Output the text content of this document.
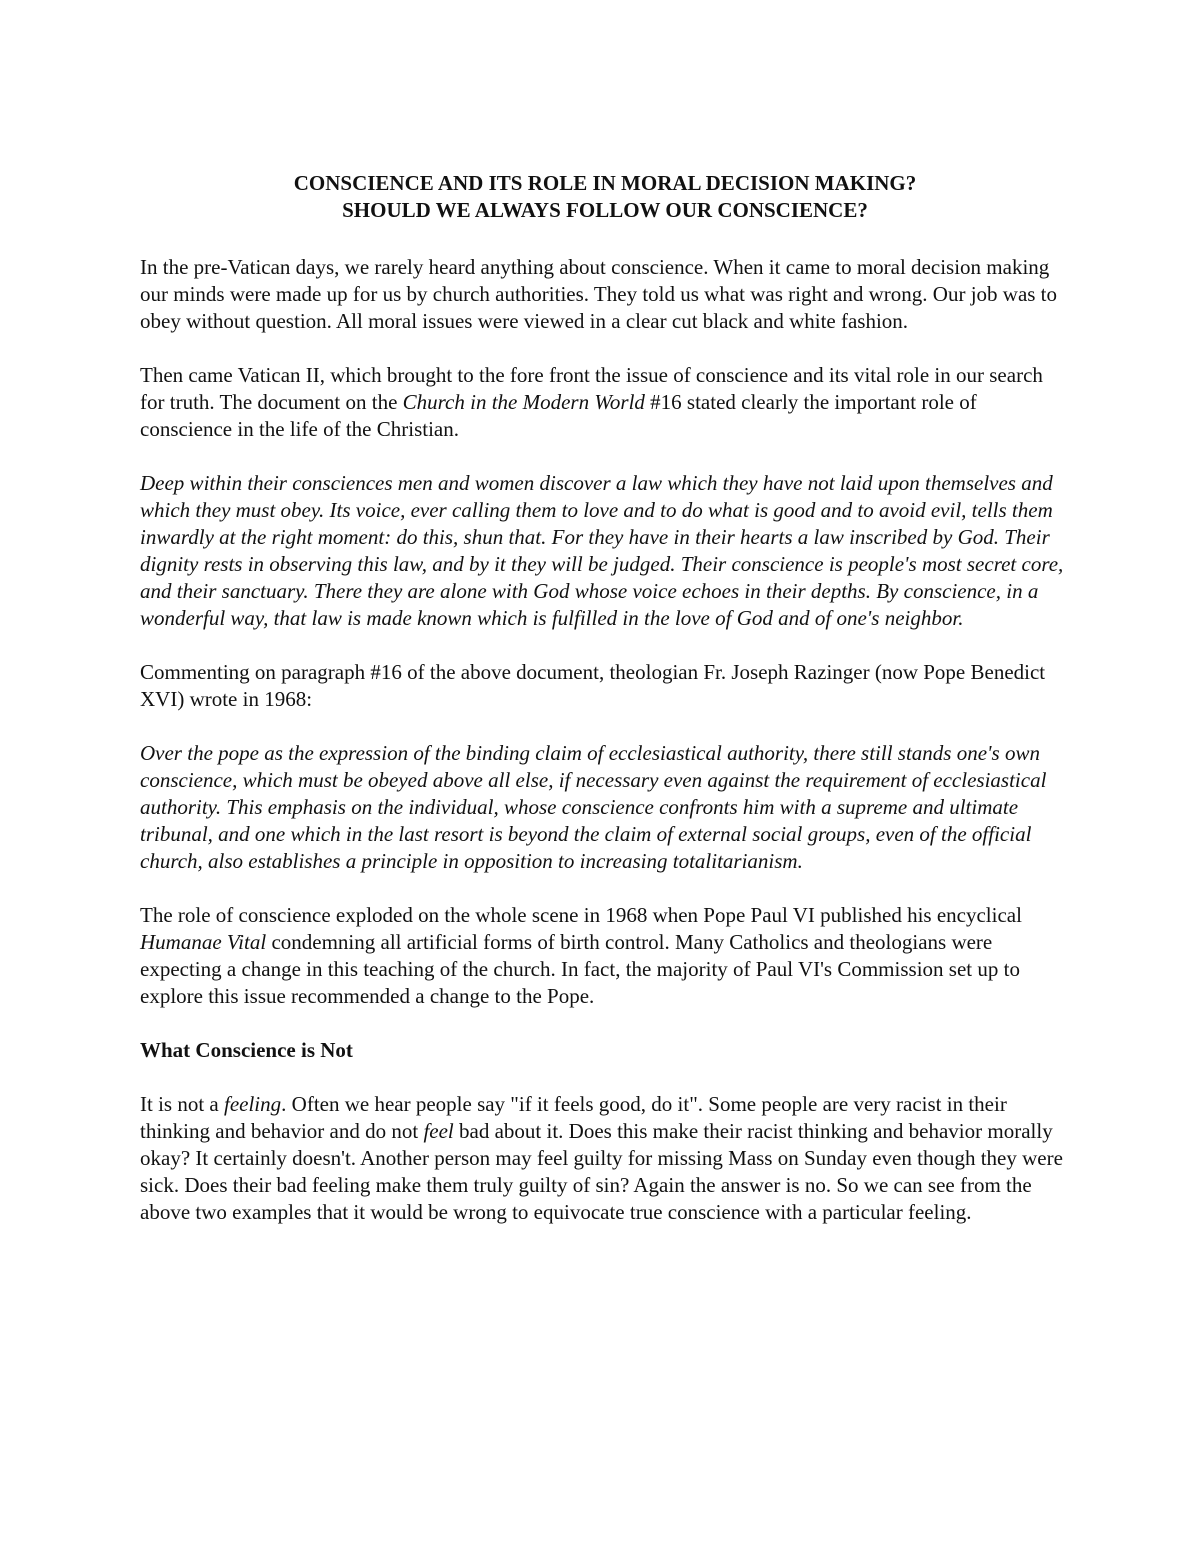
CONSCIENCE AND ITS ROLE IN MORAL DECISION MAKING?
SHOULD WE ALWAYS FOLLOW OUR CONSCIENCE?

In the pre-Vatican days, we rarely heard anything about conscience. When it came to moral decision making our minds were made up for us by church authorities. They told us what was right and wrong. Our job was to obey without question. All moral issues were viewed in a clear cut black and white fashion.

Then came Vatican II, which brought to the fore front the issue of conscience and its vital role in our search for truth. The document on the Church in the Modern World #16 stated clearly the important role of conscience in the life of the Christian.

Deep within their consciences men and women discover a law which they have not laid upon themselves and which they must obey. Its voice, ever calling them to love and to do what is good and to avoid evil, tells them inwardly at the right moment: do this, shun that. For they have in their hearts a law inscribed by God. Their dignity rests in observing this law, and by it they will be judged. Their conscience is people's most secret core, and their sanctuary. There they are alone with God whose voice echoes in their depths. By conscience, in a wonderful way, that law is made known which is fulfilled in the love of God and of one's neighbor.

Commenting on paragraph #16 of the above document, theologian Fr. Joseph Razinger (now Pope Benedict XVI) wrote in 1968:

Over the pope as the expression of the binding claim of ecclesiastical authority, there still stands one's own conscience, which must be obeyed above all else, if necessary even against the requirement of ecclesiastical authority. This emphasis on the individual, whose conscience confronts him with a supreme and ultimate tribunal, and one which in the last resort is beyond the claim of external social groups, even of the official church, also establishes a principle in opposition to increasing totalitarianism.

The role of conscience exploded on the whole scene in 1968 when Pope Paul VI published his encyclical Humanae Vital condemning all artificial forms of birth control. Many Catholics and theologians were expecting a change in this teaching of the church. In fact, the majority of Paul VI's Commission set up to explore this issue recommended a change to the Pope.

What Conscience is Not

It is not a feeling. Often we hear people say "if it feels good, do it". Some people are very racist in their thinking and behavior and do not feel bad about it. Does this make their racist thinking and behavior morally okay? It certainly doesn't. Another person may feel guilty for missing Mass on Sunday even though they were sick. Does their bad feeling make them truly guilty of sin? Again the answer is no. So we can see from the above two examples that it would be wrong to equivocate true conscience with a particular feeling.
